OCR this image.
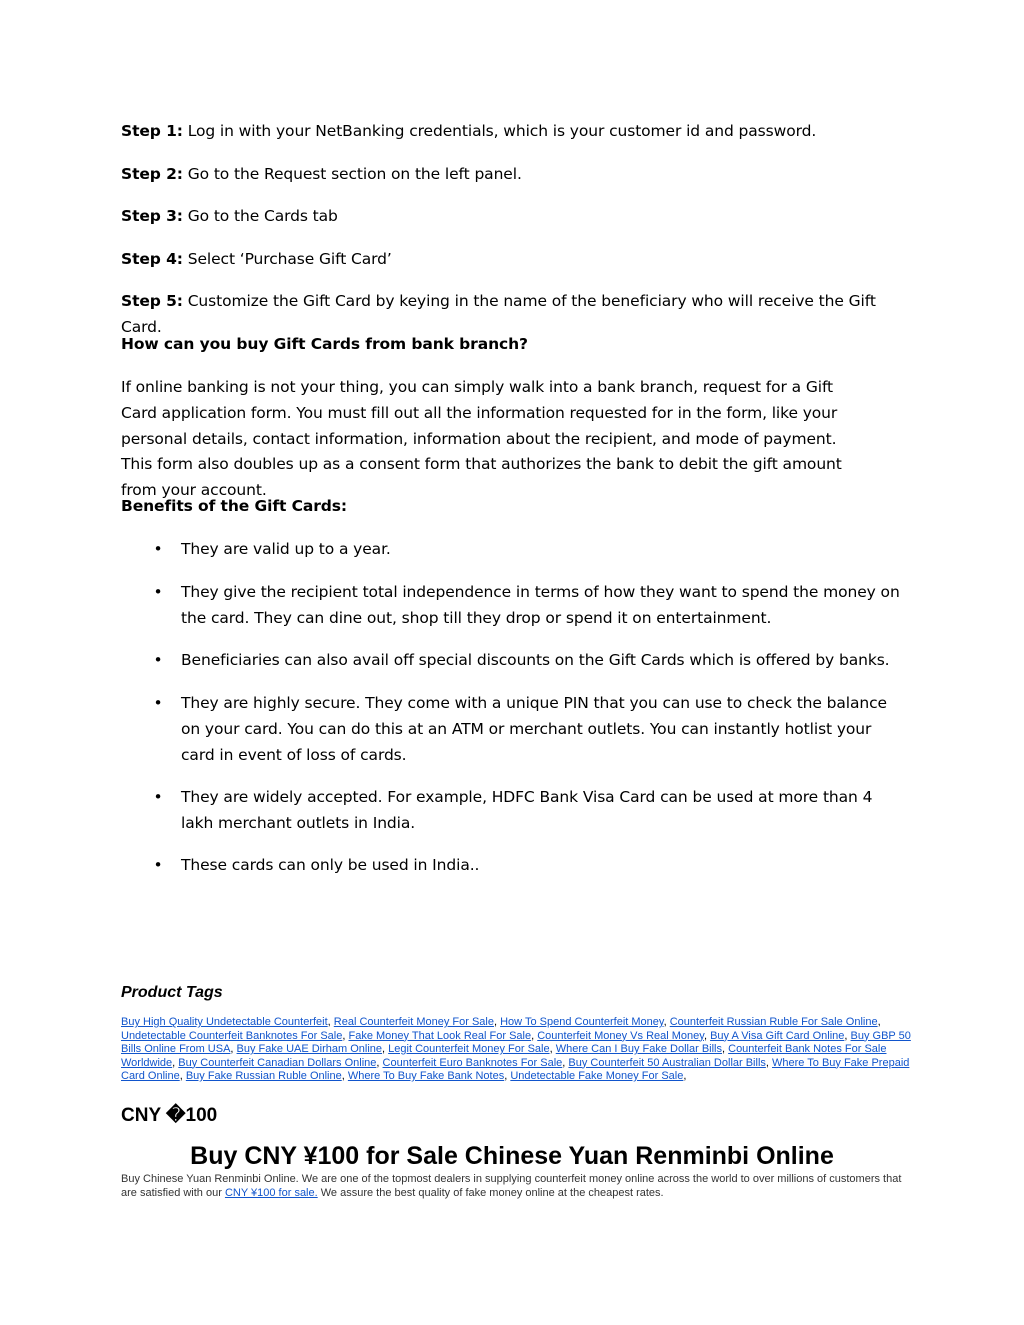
Step 1: Log in with your NetBanking credentials, which is your customer id and password.

Step 2: Go to the Request section on the left panel.

Step 3: Go to the Cards tab

Step 4: Select ‘Purchase Gift Card’

Step 5: Customize the Gift Card by keying in the name of the beneficiary who will receive the Gift Card.

How can you buy Gift Cards from bank branch?

If online banking is not your thing, you can simply walk into a bank branch, request for a Gift Card application form. You must fill out all the information requested for in the form, like your personal details, contact information, information about the recipient, and mode of payment. This form also doubles up as a consent form that authorizes the bank to debit the gift amount from your account.

Benefits of the Gift Cards:

• They are valid up to a year.
• They give the recipient total independence in terms of how they want to spend the money on the card. They can dine out, shop till they drop or spend it on entertainment.
• Beneficiaries can also avail off special discounts on the Gift Cards which is offered by banks.
• They are highly secure. They come with a unique PIN that you can use to check the balance on your card. You can do this at an ATM or merchant outlets. You can instantly hotlist your card in event of loss of cards.
• They are widely accepted. For example, HDFC Bank Visa Card can be used at more than 4 lakh merchant outlets in India.
• These cards can only be used in India..

Product Tags

Buy High Quality Undetectable Counterfeit, Real Counterfeit Money For Sale, How To Spend Counterfeit Money, Counterfeit Russian Ruble For Sale Online, Undetectable Counterfeit Banknotes For Sale, Fake Money That Look Real For Sale, Counterfeit Money Vs Real Money, Buy A Visa Gift Card Online, Buy GBP 50 Bills Online From USA, Buy Fake UAE Dirham Online, Legit Counterfeit Money For Sale, Where Can I Buy Fake Dollar Bills, Counterfeit Bank Notes For Sale Worldwide, Buy Counterfeit Canadian Dollars Online, Counterfeit Euro Banknotes For Sale, Buy Counterfeit 50 Australian Dollar Bills, Where To Buy Fake Prepaid Card Online, Buy Fake Russian Ruble Online, Where To Buy Fake Bank Notes, Undetectable Fake Money For Sale,

CNY �100

Buy CNY ¥100 for Sale Chinese Yuan Renminbi Online

Buy Chinese Yuan Renminbi Online. We are one of the topmost dealers in supplying counterfeit money online across the world to over millions of customers that are satisfied with our CNY ¥100 for sale. We assure the best quality of fake money online at the cheapest rates.
